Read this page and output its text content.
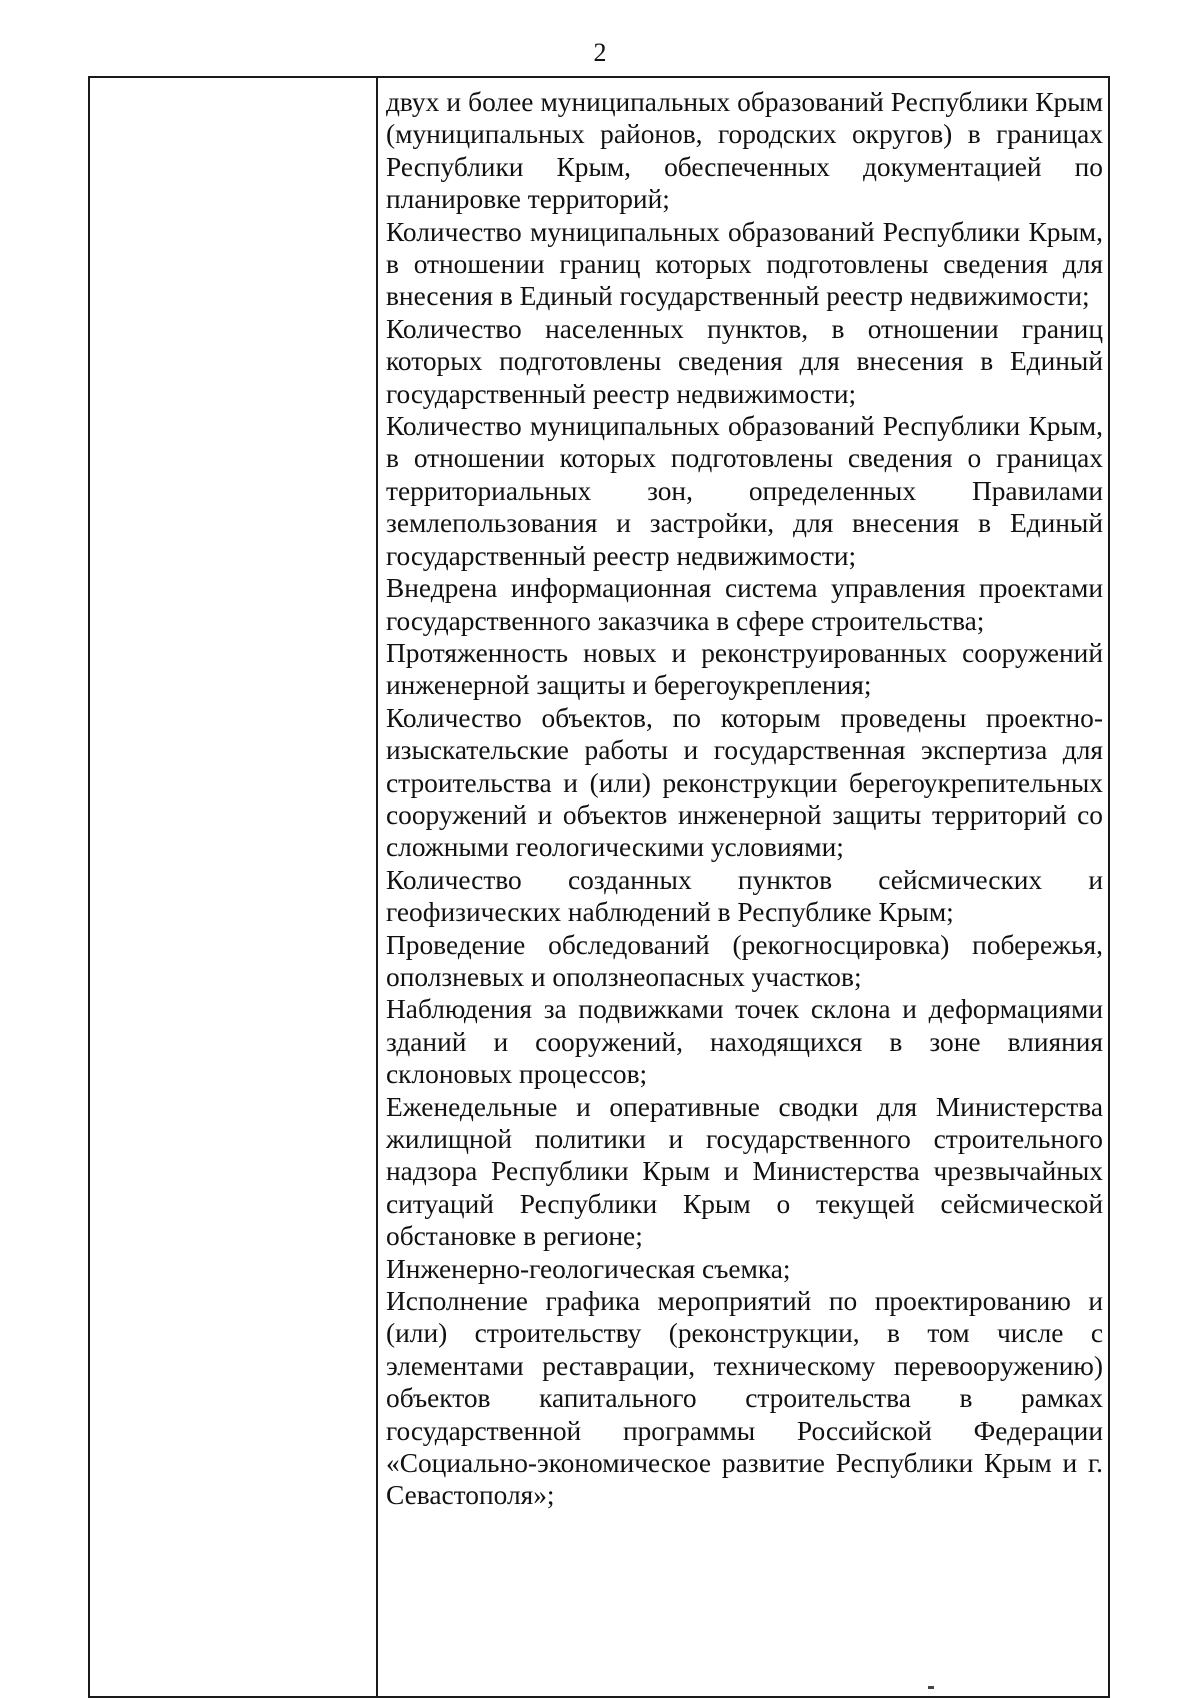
2

двух и более муниципальных образований Республики Крым (муниципальных районов, городских округов) в границах Республики Крым, обеспеченных документацией по планировке территорий;

Количество муниципальных образований Республики Крым, в отношении границ которых подготовлены сведения для внесения в Единый государственный реестр недвижимости;

Количество населенных пунктов, в отношении границ которых подготовлены сведения для внесения в Единый государственный реестр недвижимости;

Количество муниципальных образований Республики Крым, в отношении которых подготовлены сведения о границах территориальных зон, определенных Правилами землепользования и застройки, для внесения в Единый государственный реестр недвижимости;

Внедрена информационная система управления проектами государственного заказчика в сфере строительства;

Протяженность новых и реконструированных сооружений инженерной защиты и берегоукрепления;

Количество объектов, по которым проведены проектно-изыскательские работы и государственная экспертиза для строительства и (или) реконструкции берегоукрепительных сооружений и объектов инженерной защиты территорий со сложными геологическими условиями;

Количество созданных пунктов сейсмических и геофизических наблюдений в Республике Крым;

Проведение обследований (рекогносцировка) побережья, оползневых и оползнеопасных участков;

Наблюдения за подвижками точек склона и деформациями зданий и сооружений, находящихся в зоне влияния склоновых процессов;

Еженедельные и оперативные сводки для Министерства жилищной политики и государственного строительного надзора Республики Крым и Министерства чрезвычайных ситуаций Республики Крым о текущей сейсмической обстановке в регионе;

Инженерно-геологическая съемка;

Исполнение графика мероприятий по проектированию и (или) строительству (реконструкции, в том числе с элементами реставрации, техническому перевооружению) объектов капитального строительства в рамках государственной программы Российской Федерации «Социально-экономическое развитие Республики Крым и г. Севастополя»;
